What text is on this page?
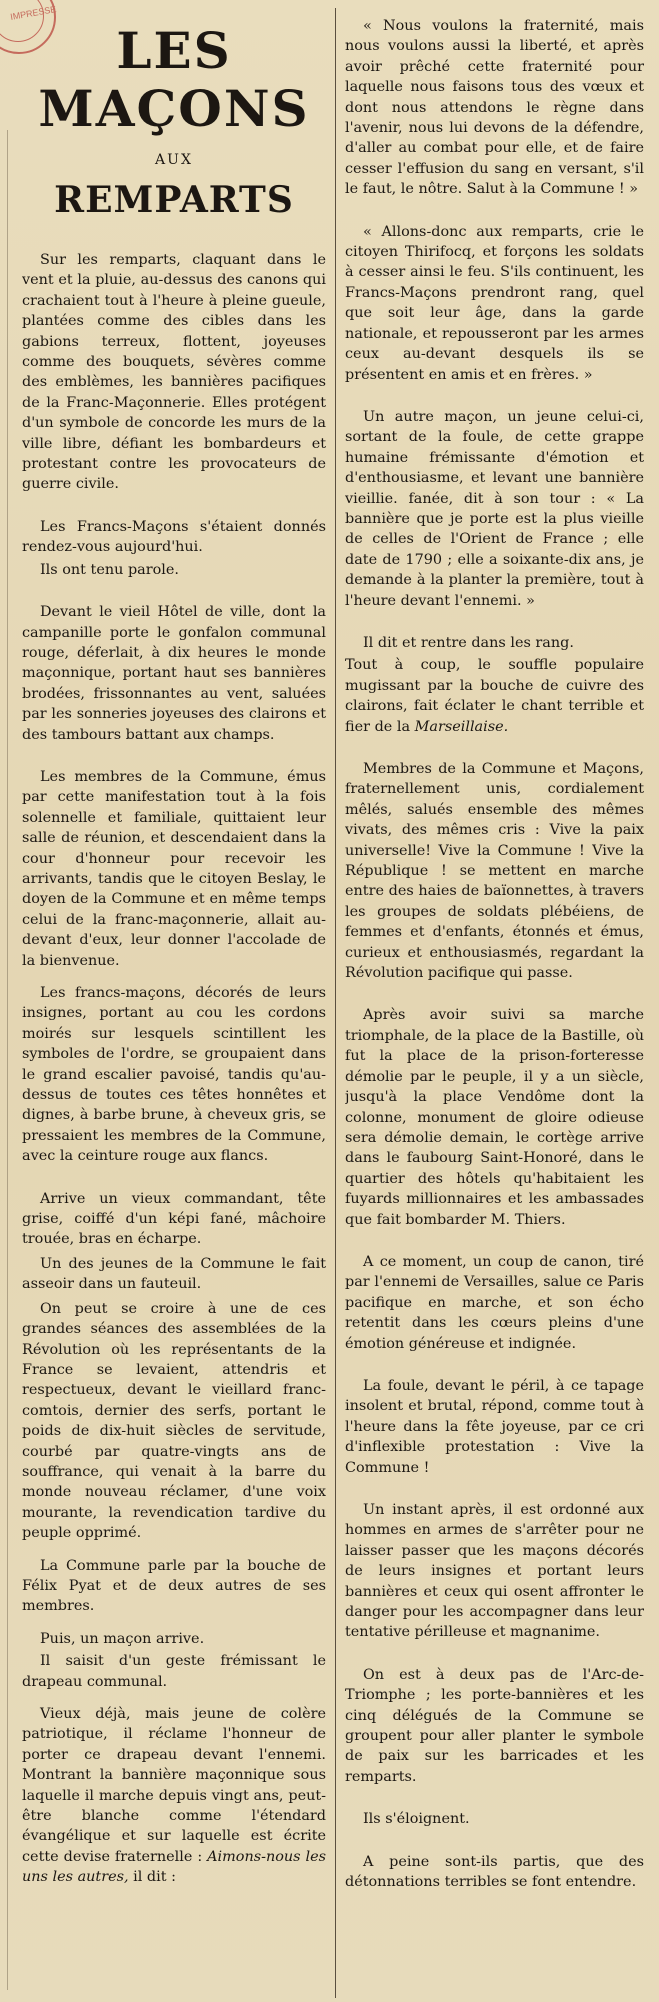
IMPRESSE
LES MAÇONS
AUX
REMPARTS

Sur les remparts, claquant dans le vent et la pluie, au-dessus des canons qui crachaient tout à l'heure à pleine gueule, plantées comme des cibles dans les gabions terreux, flottent, joyeuses comme des bouquets, sévères comme des emblèmes, les bannières pacifiques de la Franc-Maçonnerie. Elles protégent d'un symbole de concorde les murs de la ville libre, défiant les bombardeurs et protestant contre les provocateurs de guerre civile.

Les Francs-Maçons s'étaient donnés rendez-vous aujourd'hui.

Ils ont tenu parole.

Devant le vieil Hôtel de ville, dont la campanille porte le gonfalon communal rouge, déferlait, à dix heures le monde maçonnique, portant haut ses bannières brodées, frissonnantes au vent, saluées par les sonneries joyeuses des clairons et des tambours battant aux champs.

Les membres de la Commune, émus par cette manifestation tout à la fois solennelle et familiale, quittaient leur salle de réunion, et descendaient dans la cour d'honneur pour recevoir les arrivants, tandis que le citoyen Beslay, le doyen de la Commune et en même temps celui de la franc-maçonnerie, allait au-devant d'eux, leur donner l'accolade de la bienvenue.

Les francs-maçons, décorés de leurs insignes, portant au cou les cordons moirés sur lesquels scintillent les symboles de l'ordre, se groupaient dans le grand escalier pavoisé, tandis qu'au-dessus de toutes ces têtes honnêtes et dignes, à barbe brune, à cheveux gris, se pressaient les membres de la Commune, avec la ceinture rouge aux flancs.

Arrive un vieux commandant, tête grise, coiffé d'un képi fané, mâchoire trouée, bras en écharpe.

Un des jeunes de la Commune le fait asseoir dans un fauteuil.

On peut se croire à une de ces grandes séances des assemblées de la Révolution où les représentants de la France se levaient, attendris et respectueux, devant le vieillard franc-comtois, dernier des serfs, portant le poids de dix-huit siècles de servitude, courbé par quatre-vingts ans de souffrance, qui venait à la barre du monde nouveau réclamer, d'une voix mourante, la revendication tardive du peuple opprimé.

La Commune parle par la bouche de Félix Pyat et de deux autres de ses membres.

Puis, un maçon arrive.

Il saisit d'un geste frémissant le drapeau communal.

Vieux déjà, mais jeune de colère patriotique, il réclame l'honneur de porter ce drapeau devant l'ennemi. Montrant la bannière maçonnique sous laquelle il marche depuis vingt ans, peut-être blanche comme l'étendard évangélique et sur laquelle est écrite cette devise fraternelle : Aimons-nous les uns les autres, il dit :

« Nous voulons la fraternité, mais nous voulons aussi la liberté, et après avoir prêché cette fraternité pour laquelle nous faisons tous des vœux et dont nous attendons le règne dans l'avenir, nous lui devons de la défendre, d'aller au combat pour elle, et de faire cesser l'effusion du sang en versant, s'il le faut, le nôtre. Salut à la Commune ! »

« Allons-donc aux remparts, crie le citoyen Thirifocq, et forçons les soldats à cesser ainsi le feu. S'ils continuent, les Francs-Maçons prendront rang, quel que soit leur âge, dans la garde nationale, et repousseront par les armes ceux au-devant desquels ils se présentent en amis et en frères. »

Un autre maçon, un jeune celui-ci, sortant de la foule, de cette grappe humaine frémissante d'émotion et d'enthousiasme, et levant une bannière vieillie. fanée, dit à son tour : « La bannière que je porte est la plus vieille de celles de l'Orient de France ; elle date de 1790 ; elle a soixante-dix ans, je demande à la planter la première, tout à l'heure devant l'ennemi. »

Il dit et rentre dans les rang.

Tout à coup, le souffle populaire mugissant par la bouche de cuivre des clairons, fait éclater le chant terrible et fier de la Marseillaise.

Membres de la Commune et Maçons, fraternellement unis, cordialement mêlés, salués ensemble des mêmes vivats, des mêmes cris : Vive la paix universelle! Vive la Commune ! Vive la République ! se mettent en marche entre des haies de baïonnettes, à travers les groupes de soldats plébéiens, de femmes et d'enfants, étonnés et émus, curieux et enthousiasmés, regardant la Révolution pacifique qui passe.

Après avoir suivi sa marche triomphale, de la place de la Bastille, où fut la place de la prison-forteresse démolie par le peuple, il y a un siècle, jusqu'à la place Vendôme dont la colonne, monument de gloire odieuse sera démolie demain, le cortège arrive dans le faubourg Saint-Honoré, dans le quartier des hôtels qu'habitaient les fuyards millionnaires et les ambassades que fait bombarder M. Thiers.

A ce moment, un coup de canon, tiré par l'ennemi de Versailles, salue ce Paris pacifique en marche, et son écho retentit dans les cœurs pleins d'une émotion généreuse et indignée.

La foule, devant le péril, à ce tapage insolent et brutal, répond, comme tout à l'heure dans la fête joyeuse, par ce cri d'inflexible protestation : Vive la Commune !

Un instant après, il est ordonné aux hommes en armes de s'arrêter pour ne laisser passer que les maçons décorés de leurs insignes et portant leurs bannières et ceux qui osent affronter le danger pour les accompagner dans leur tentative périlleuse et magnanime.

On est à deux pas de l'Arc-de-Triomphe ; les porte-bannières et les cinq délégués de la Commune se groupent pour aller planter le symbole de paix sur les barricades et les remparts.

Ils s'éloignent.

A peine sont-ils partis, que des détonnations terribles se font entendre.
